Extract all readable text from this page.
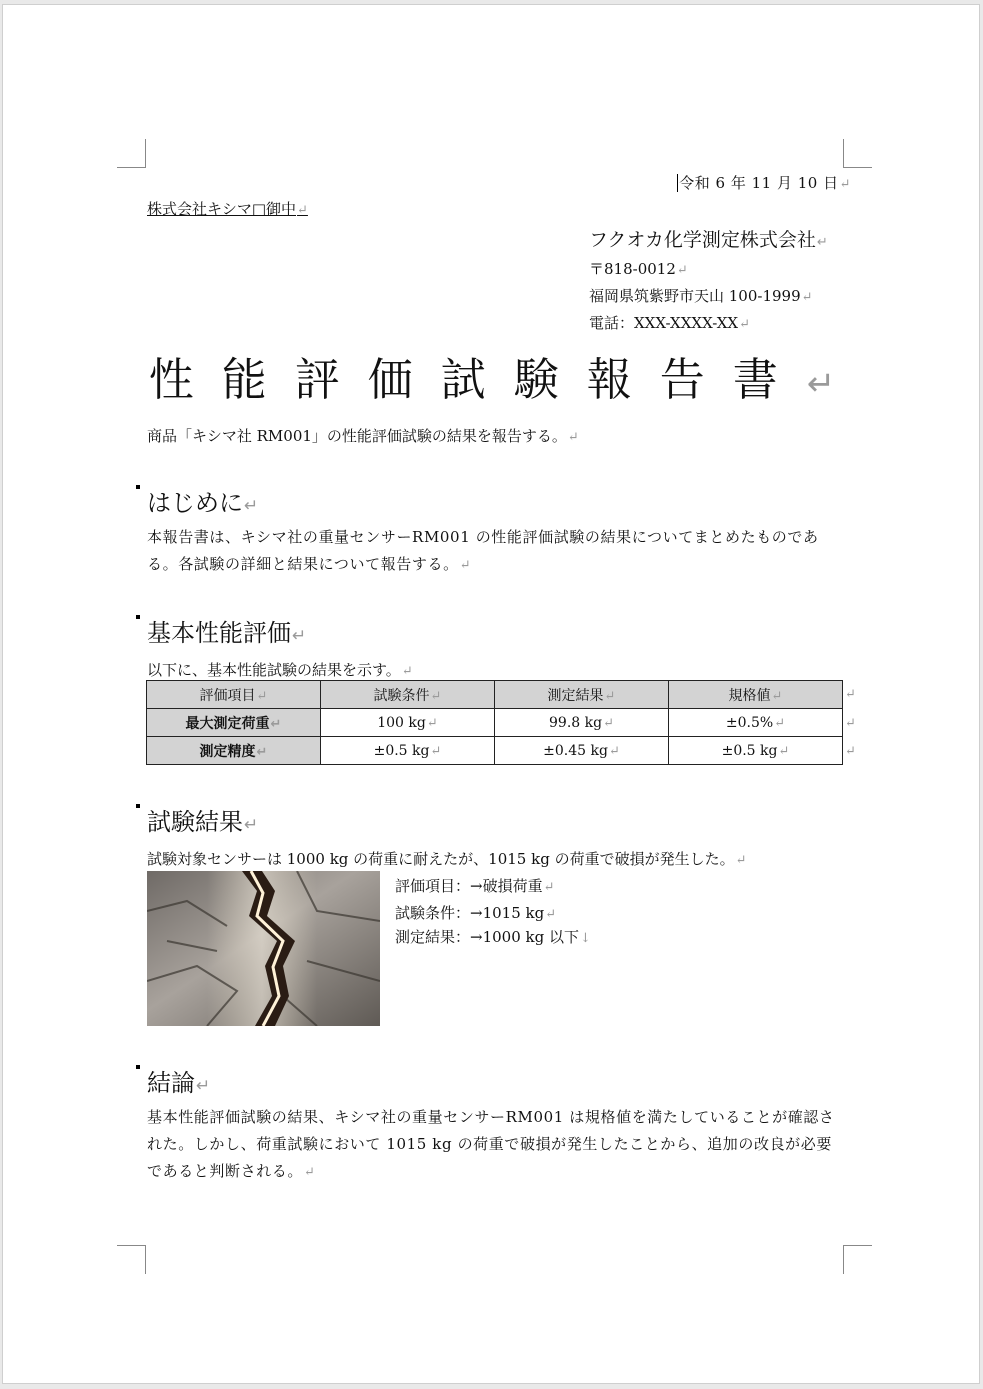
令和 6 年 11 月 10 日↵
株式会社キシマ□御中↵
フクオカ化学測定株式会社↵
〒818-0012↵
福岡県筑紫野市天山 100-1999↵
電話：XXX-XXXX-XX↵
性能評価試験報告書↵
商品「キシマ社 RM001」の性能評価試験の結果を報告する。↵
はじめに↵
本報告書は、キシマ社の重量センサーRM001 の性能評価試験の結果についてまとめたものである。各試験の詳細と結果について報告する。↵
基本性能評価↵
以下に、基本性能試験の結果を示す。↵
評価項目↵	試験条件↵	測定結果↵	規格値↵
最大測定荷重↵	100 kg↵	99.8 kg↵	±0.5%↵
測定精度↵	±0.5 kg↵	±0.45 kg↵	±0.5 kg↵
↵
↵
↵
試験結果↵
試験対象センサーは 1000 kg の荷重に耐えたが、1015 kg の荷重で破損が発生した。↵
評価項目：→破損荷重↵
試験条件：→1015 kg↵
測定結果：→1000 kg 以下↓
結論↵
基本性能評価試験の結果、キシマ社の重量センサーRM001 は規格値を満たしていることが確認された。しかし、荷重試験において 1015 kg の荷重で破損が発生したことから、追加の改良が必要であると判断される。↵
